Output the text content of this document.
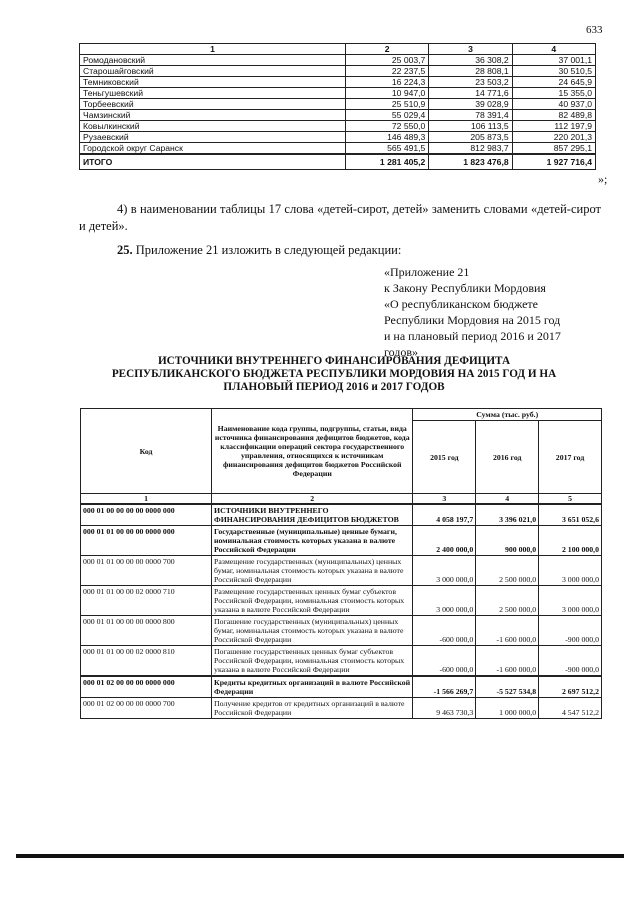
633
1	2	3	4
Ромодановский	25 003,7	36 308,2	37 001,1
Старошайговский	22 237,5	28 808,1	30 510,5
Темниковский	16 224,3	23 503,2	24 645,9
Теньгушевский	10 947,0	14 771,6	15 355,0
Торбеевский	25 510,9	39 028,9	40 937,0
Чамзинский	55 029,4	78 391,4	82 489,8
Ковылкинский	72 550,0	106 113,5	112 197,9
Рузаевский	146 489,3	205 873,5	220 201,3
Городской округ Саранск	565 491,5	812 983,7	857 295,1
ИТОГО	1 281 405,2	1 823 476,8	1 927 716,4
»;
4) в наименовании таблицы 17 слова «детей-сирот, детей» заменить словами «детей-сирот и детей».
25. Приложение 21 изложить в следующей редакции:
«Приложение 21
к Закону Республики Мордовия
«О республиканском бюджете
Республики Мордовия на 2015 год
и на плановый период 2016 и 2017
годов»
ИСТОЧНИКИ ВНУТРЕННЕГО ФИНАНСИРОВАНИЯ ДЕФИЦИТА
РЕСПУБЛИКАНСКОГО БЮДЖЕТА РЕСПУБЛИКИ МОРДОВИЯ НА 2015 ГОД И НА
ПЛАНОВЫЙ ПЕРИОД 2016 и 2017 ГОДОВ
Код	Наименование кода группы, подгруппы, статьи, вида источника финансирования дефицитов бюджетов, кода классификации операций сектора государственного управления, относящихся к источникам финансирования дефицитов бюджетов Российской Федерации	Сумма (тыс. руб.)		
		2015 год	2016 год	2017 год
1	2	3	4	5
000 01 00 00 00 00 0000 000	ИСТОЧНИКИ ВНУТРЕННЕГО ФИНАНСИРОВАНИЯ ДЕФИЦИТОВ БЮДЖЕТОВ	4 058 197,7	3 396 021,0	3 651 052,6
000 01 01 00 00 00 0000 000	Государственные (муниципальные) ценные бумаги, номинальная стоимость которых указана в валюте Российской Федерации	2 400 000,0	900 000,0	2 100 000,0
000 01 01 00 00 00 0000 700	Размещение государственных (муниципальных) ценных бумаг, номинальная стоимость которых указана в валюте Российской Федерации	3 000 000,0	2 500 000,0	3 000 000,0
000 01 01 00 00 02 0000 710	Размещение государственных ценных бумаг субъектов Российской Федерации, номинальная стоимость которых указана в валюте Российской Федерации	3 000 000,0	2 500 000,0	3 000 000,0
000 01 01 00 00 00 0000 800	Погашение государственных (муниципальных) ценных бумаг, номинальная стоимость которых указана в валюте Российской Федерации	-600 000,0	-1 600 000,0	-900 000,0
000 01 01 00 00 02 0000 810	Погашение государственных ценных бумаг субъектов Российской Федерации, номинальная стоимость которых указана в валюте Российской Федерации	-600 000,0	-1 600 000,0	-900 000,0
000 01 02 00 00 00 0000 000	Кредиты кредитных организаций в валюте Российской Федерации	-1 566 269,7	-5 527 534,8	2 697 512,2
000 01 02 00 00 00 0000 700	Получение кредитов от кредитных организаций в валюте Российской Федерации	9 463 730,3	1 000 000,0	4 547 512,2
